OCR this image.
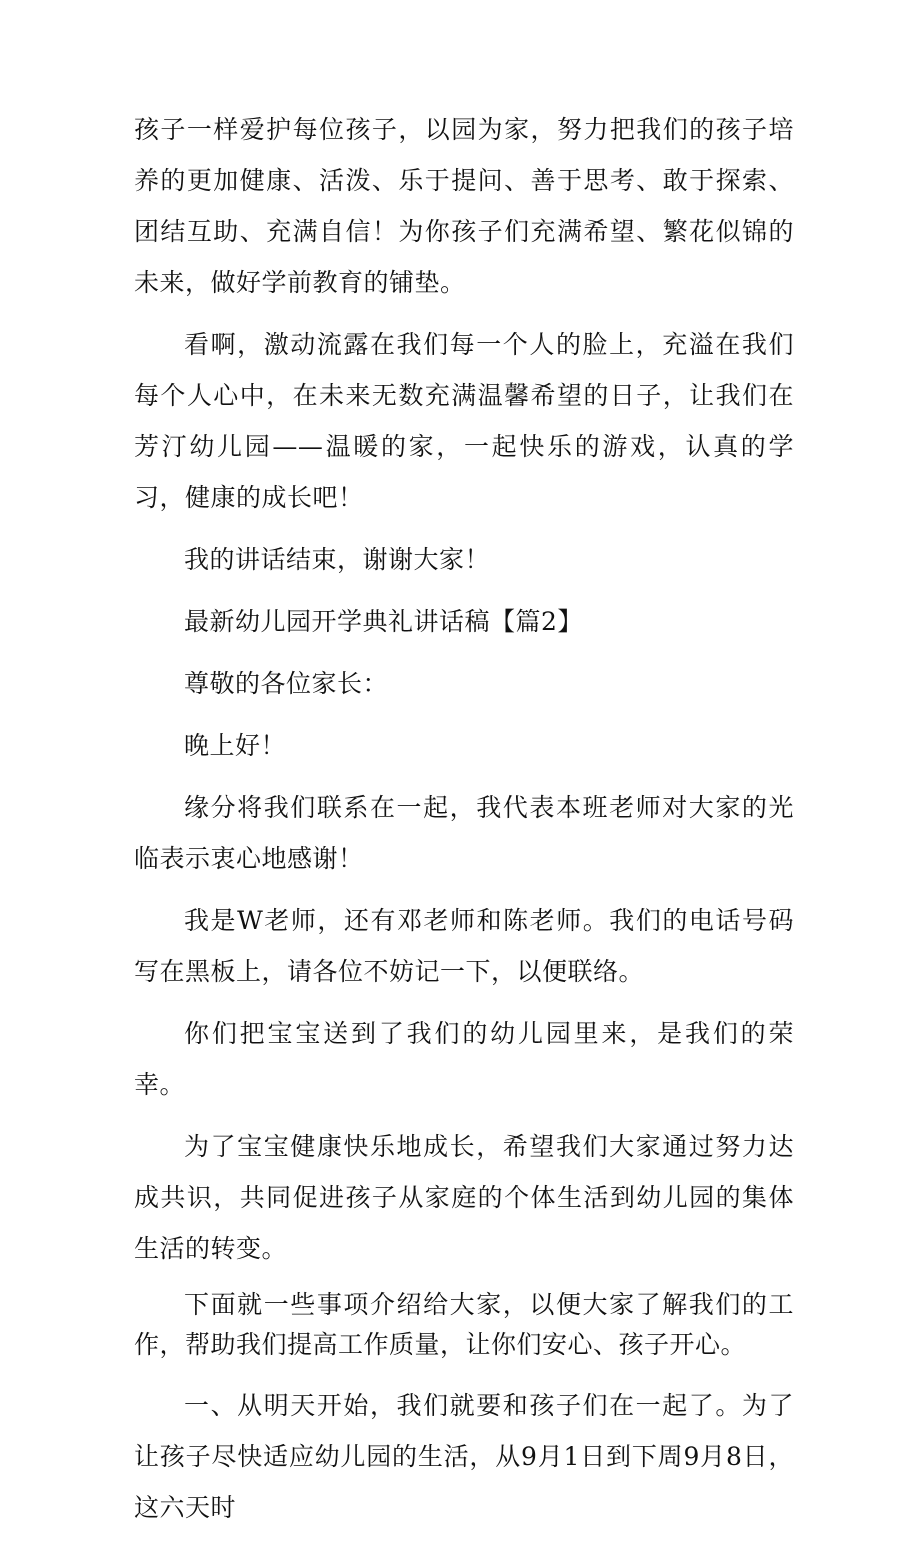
孩子一样爱护每位孩子，以园为家，努力把我们的孩子培养的更加健康、活泼、乐于提问、善于思考、敢于探索、团结互助、充满自信！为你孩子们充满希望、繁花似锦的未来，做好学前教育的铺垫。

看啊，激动流露在我们每一个人的脸上，充溢在我们每个人心中，在未来无数充满温馨希望的日子，让我们在芳汀幼儿园——温暖的家，一起快乐的游戏，认真的学习，健康的成长吧！

我的讲话结束，谢谢大家！

最新幼儿园开学典礼讲话稿【篇2】

尊敬的各位家长：

晚上好！

缘分将我们联系在一起，我代表本班老师对大家的光临表示衷心地感谢！

我是W老师，还有邓老师和陈老师。我们的电话号码写在黑板上，请各位不妨记一下，以便联络。

你们把宝宝送到了我们的幼儿园里来，是我们的荣幸。

为了宝宝健康快乐地成长，希望我们大家通过努力达成共识，共同促进孩子从家庭的个体生活到幼儿园的集体生活的转变。

下面就一些事项介绍给大家，以便大家了解我们的工作，帮助我们提高工作质量，让你们安心、孩子开心。

一、从明天开始，我们就要和孩子们在一起了。为了让孩子尽快适应幼儿园的生活，从9月1日到下周9月8日，这六天时
